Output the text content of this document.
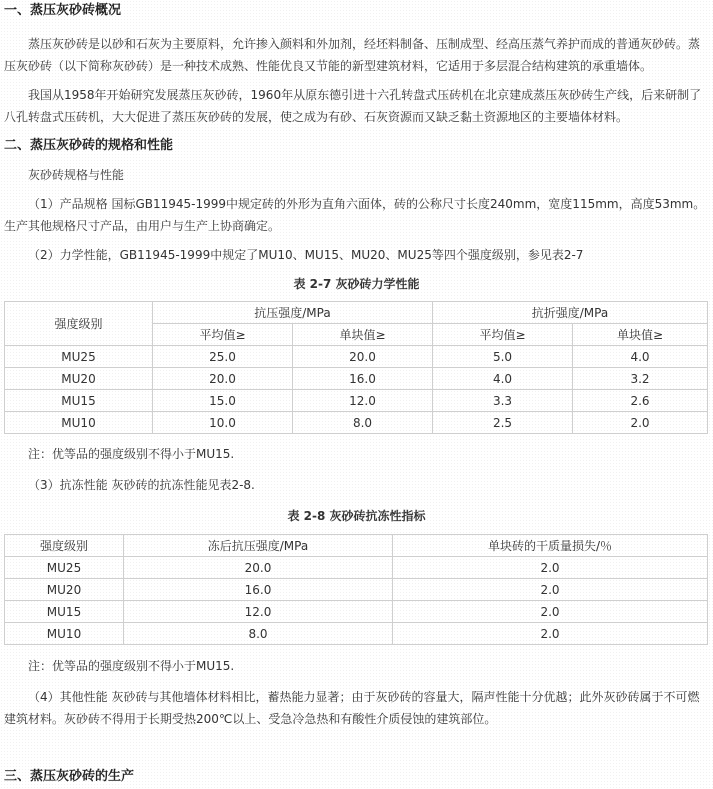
一、蒸压灰砂砖概况

蒸压灰砂砖是以砂和石灰为主要原料，允许掺入颜料和外加剂，经坯料制备、压制成型、经高压蒸气养护而成的普通灰砂砖。蒸压灰砂砖（以下简称灰砂砖）是一种技术成熟、性能优良又节能的新型建筑材料，它适用于多层混合结构建筑的承重墙体。

我国从1958年开始研究发展蒸压灰砂砖，1960年从原东德引进十六孔转盘式压砖机在北京建成蒸压灰砂砖生产线，后来研制了八孔转盘式压砖机，大大促进了蒸压灰砂砖的发展，使之成为有砂、石灰资源而又缺乏黏土资源地区的主要墙体材料。

二、蒸压灰砂砖的规格和性能

灰砂砖规格与性能

（1）产品规格 国标GB11945-1999中规定砖的外形为直角六面体，砖的公称尺寸长度240mm，宽度115mm，高度53mm。生产其他规格尺寸产品，由用户与生产上协商确定。

（2）力学性能，GB11945-1999中规定了MU10、MU15、MU20、MU25等四个强度级别，参见表2-7

表 2-7 灰砂砖力学性能

强度级别	抗压强度/MPa		抗折强度/MPa	
	平均值≥	单块值≥	平均值≥	单块值≥
MU25	25.0	20.0	5.0	4.0
MU20	20.0	16.0	4.0	3.2
MU15	15.0	12.0	3.3	2.6
MU10	10.0	8.0	2.5	2.0

注：优等品的强度级别不得小于MU15.

（3）抗冻性能 灰砂砖的抗冻性能见表2-8.

表 2-8 灰砂砖抗冻性指标

强度级别	冻后抗压强度/MPa	单块砖的干质量损失/％
MU25	20.0	2.0
MU20	16.0	2.0
MU15	12.0	2.0
MU10	8.0	2.0

注：优等品的强度级别不得小于MU15.

（4）其他性能 灰砂砖与其他墙体材料相比，蓄热能力显著；由于灰砂砖的容量大，隔声性能十分优越；此外灰砂砖属于不可燃建筑材料。灰砂砖不得用于长期受热200℃以上、受急冷急热和有酸性介质侵蚀的建筑部位。

三、蒸压灰砂砖的生产
